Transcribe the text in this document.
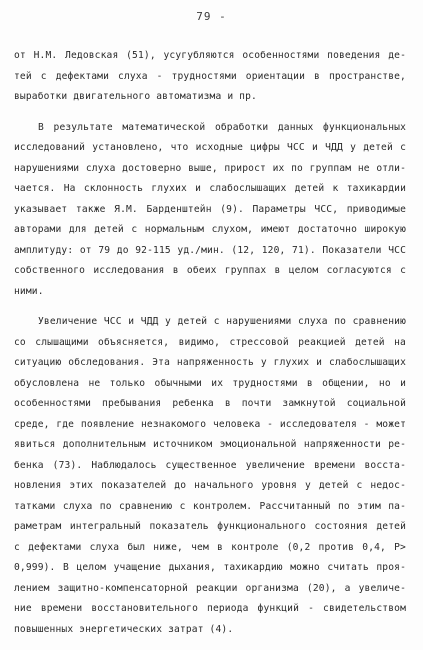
79 -
от Н.М. Ледовская (51), усугубляются особенностями поведения де-
тей с дефектами слуха - трудностями ориентации в пространстве,
выработки двигательного автоматизма и пр.
В результате математической обработки данных функциональных
исследований установлено, что исходные цифры ЧСС и ЧДД у детей с
нарушениями слуха достоверно выше, прирост их по группам не отли-
чается. На склонность глухих и слабослышащих детей к тахикардии
указывает также Я.М. Барденштейн (9). Параметры ЧСС, приводимые
авторами для детей с нормальным слухом, имеют достаточно широкую
амплитуду: от 79 до 92-115 уд./мин. (12, 120, 71). Показатели ЧСС
собственного исследования в обеих группах в целом согласуются с
ними.
Увеличение ЧСС и ЧДД у детей с нарушениями слуха по сравнению
со слышащими объясняется, видимо, стрессовой реакцией детей на
ситуацию обследования. Эта напряженность у глухих и слабослышащих
обусловлена не только обычными их трудностями в общении, но и
особенностями пребывания ребенка в почти замкнутой социальной
среде, где появление незнакомого человека - исследователя - может
явиться дополнительным источником эмоциональной напряженности ре-
бенка (73). Наблюдалось существенное увеличение времени восста-
новления этих показателей до начального уровня у детей с недос-
татками слуха по сравнению с контролем. Рассчитанный по этим па-
раметрам интегральный показатель функционального состояния детей
с дефектами слуха был ниже, чем в контроле (0,2 против 0,4, Р>
0,999). В целом учащение дыхания, тахикардию можно считать проя-
лением защитно-компенсаторной реакции организма (20), а увеличе-
ние времени восстановительного периода функций - свидетельством
повышенных энергетических затрат (4).
